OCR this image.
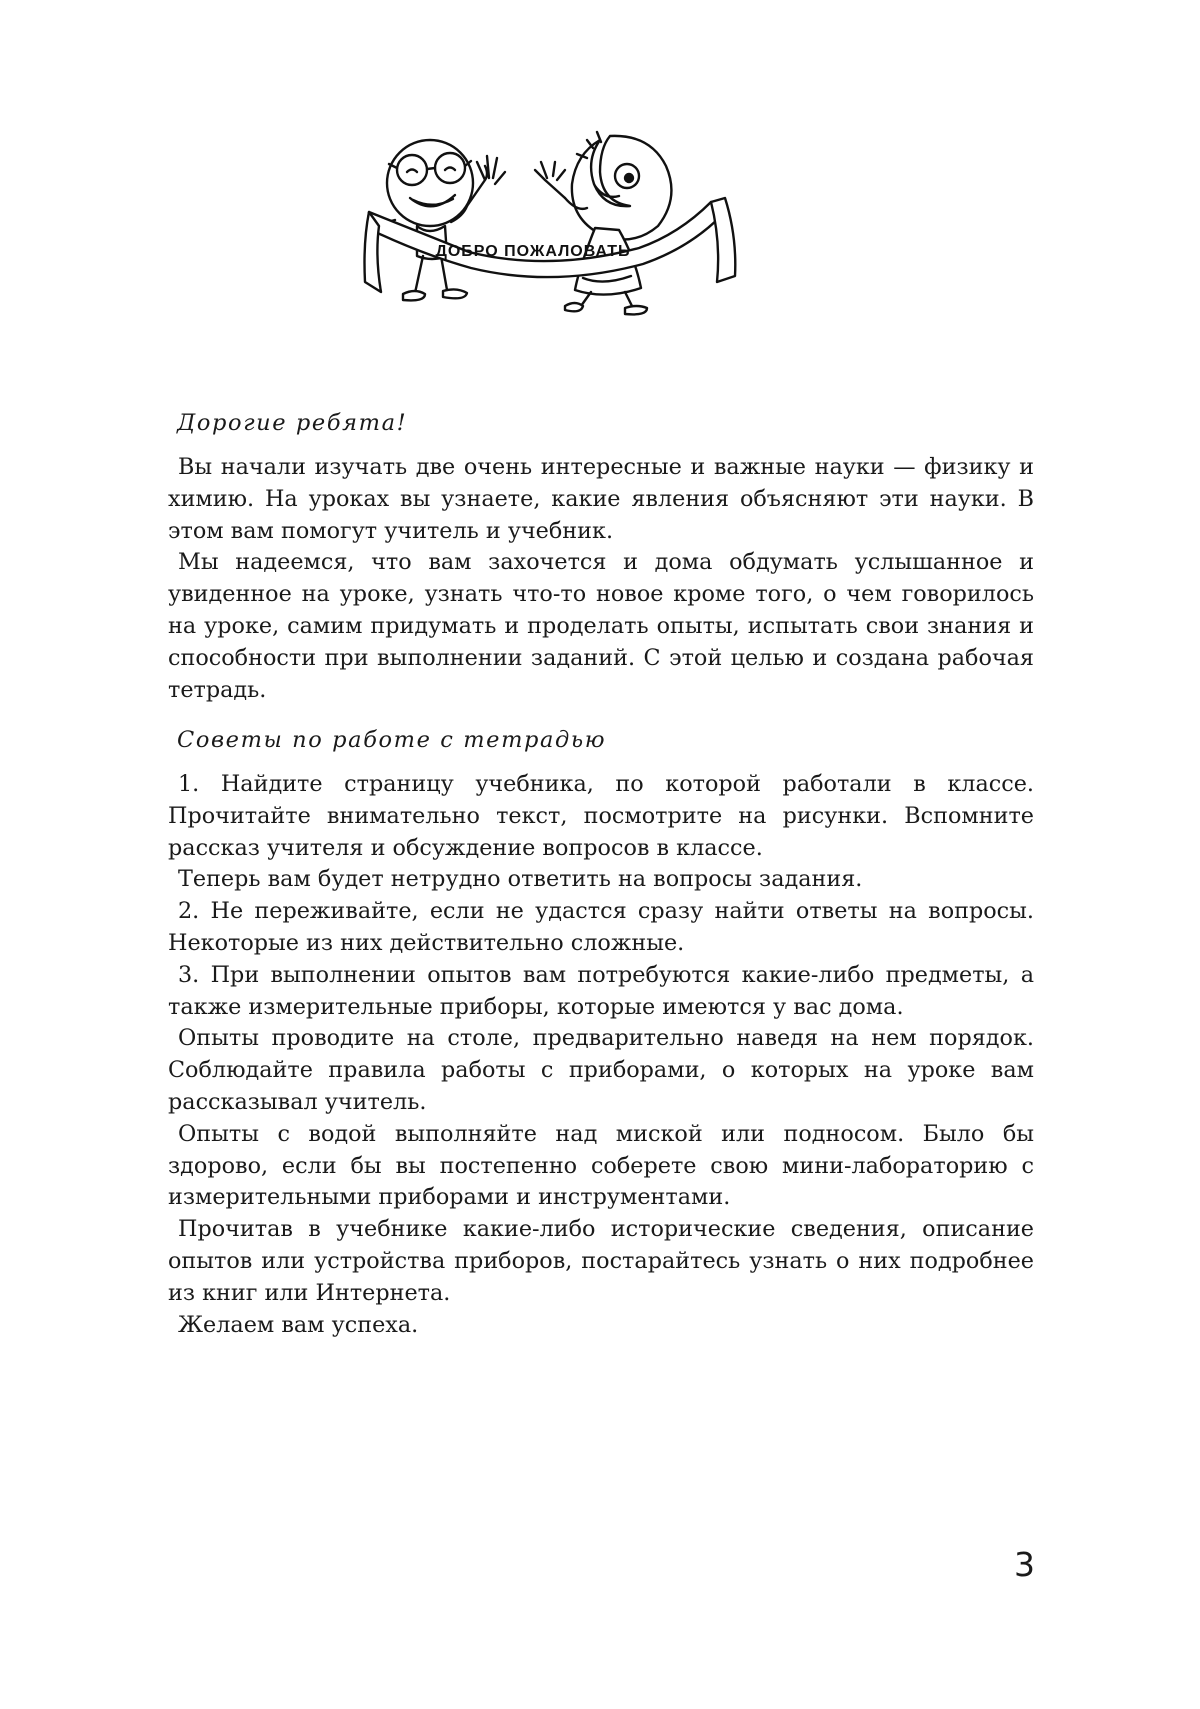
ДОБРО ПОЖАЛОВАТЬ
Дорогие ребята!

Вы начали изучать две очень интересные и важные науки — физику и химию. На уроках вы узнаете, какие явления объясняют эти науки. В этом вам помогут учитель и учебник.

Мы надеемся, что вам захочется и дома обдумать услышанное и увиденное на уроке, узнать что-то новое кроме того, о чем говорилось на уроке, самим придумать и проделать опыты, испытать свои знания и способности при выполнении заданий. С этой целью и создана рабочая тетрадь.

Советы по работе с тетрадью

1. Найдите страницу учебника, по которой работали в классе. Прочитайте внимательно текст, посмотрите на рисунки. Вспомните рассказ учителя и обсуждение вопросов в классе.

Теперь вам будет нетрудно ответить на вопросы задания.

2. Не переживайте, если не удастся сразу найти ответы на вопросы. Некоторые из них действительно сложные.

3. При выполнении опытов вам потребуются какие-либо предметы, а также измерительные приборы, которые имеются у вас дома.

Опыты проводите на столе, предварительно наведя на нем порядок. Соблюдайте правила работы с приборами, о которых на уроке вам рассказывал учитель.

Опыты с водой выполняйте над миской или подносом. Было бы здорово, если бы вы постепенно соберете свою мини-лабораторию с измерительными приборами и инструментами.

Прочитав в учебнике какие-либо исторические сведения, описание опытов или устройства приборов, постарайтесь узнать о них подробнее из книг или Интернета.

Желаем вам успеха.

3
